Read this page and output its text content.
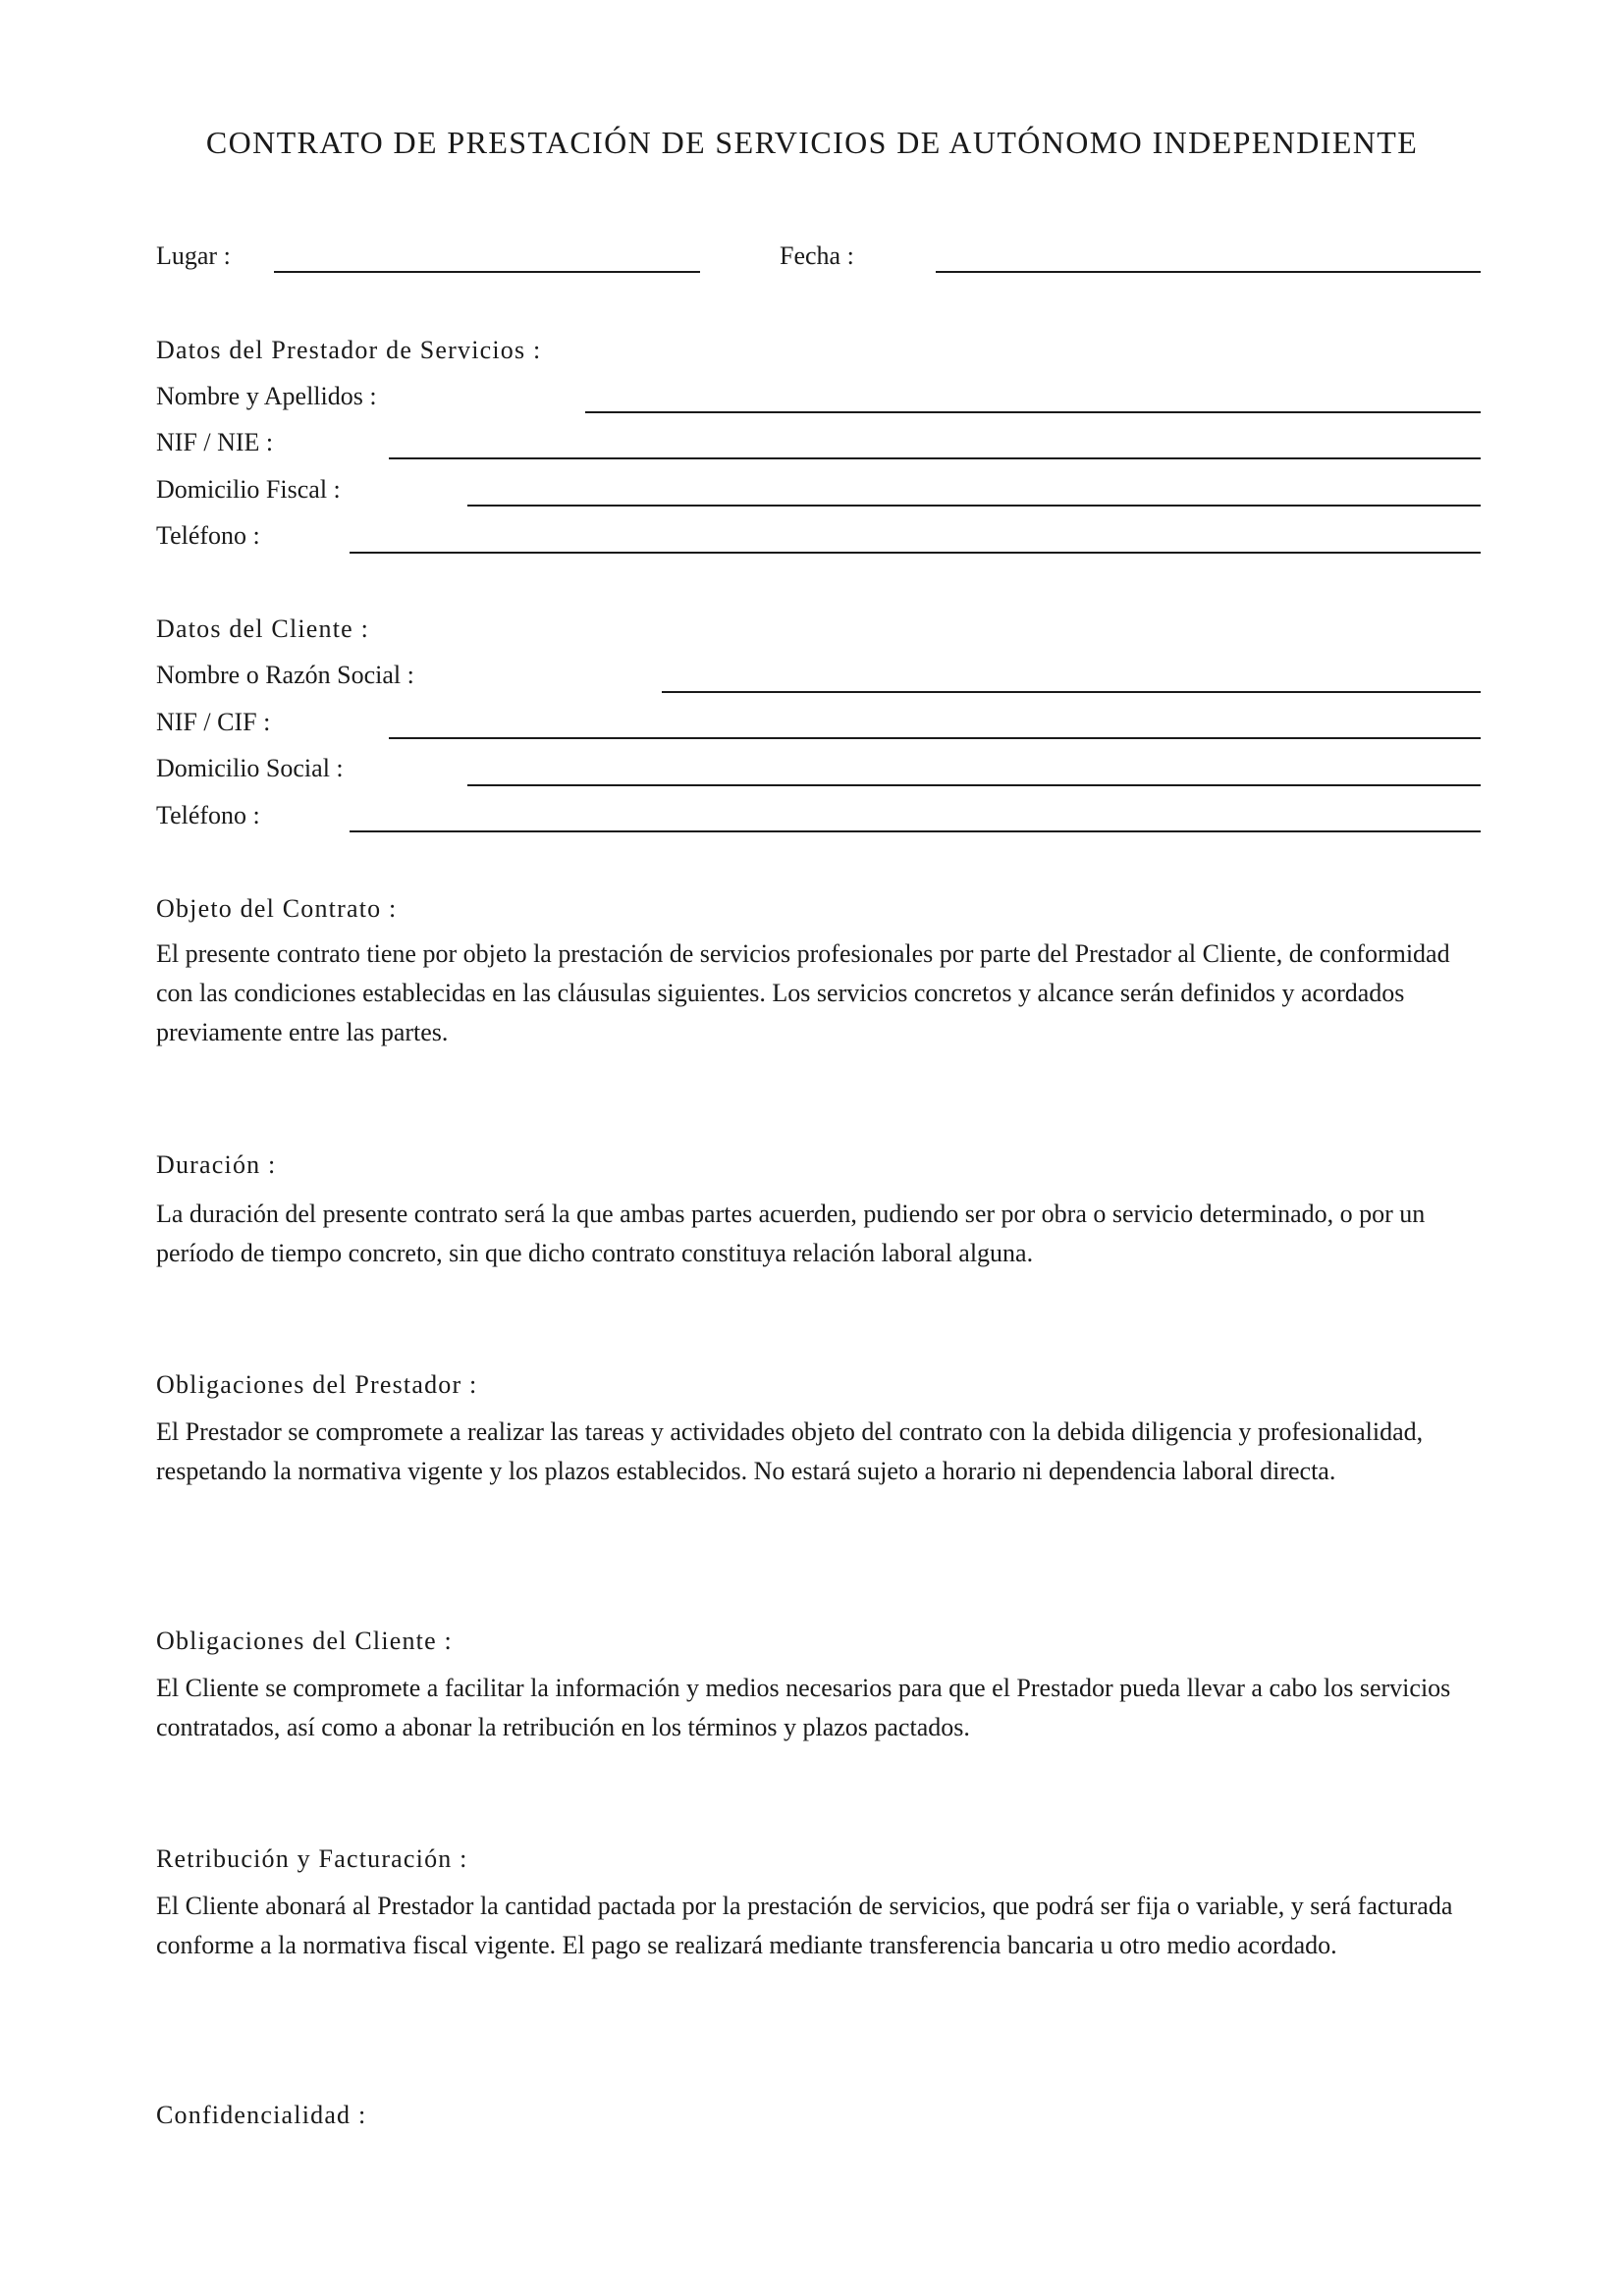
CONTRATO DE PRESTACIÓN DE SERVICIOS DE AUTÓNOMO INDEPENDIENTE
Lugar :	Fecha :
Datos del Prestador de Servicios :
Nombre y Apellidos :
NIF / NIE :
Domicilio Fiscal :
Teléfono :
Datos del Cliente :
Nombre o Razón Social :
NIF / CIF :
Domicilio Social :
Teléfono :
Objeto del Contrato :

El presente contrato tiene por objeto la prestación de servicios profesionales por parte del Prestador al Cliente, de conformidad con las condiciones establecidas en las cláusulas siguientes. Los servicios concretos y alcance serán definidos y acordados previamente entre las partes.

Duración :

La duración del presente contrato será la que ambas partes acuerden, pudiendo ser por obra o servicio determinado, o por un período de tiempo concreto, sin que dicho contrato constituya relación laboral alguna.

Obligaciones del Prestador :

El Prestador se compromete a realizar las tareas y actividades objeto del contrato con la debida diligencia y profesionalidad, respetando la normativa vigente y los plazos establecidos. No estará sujeto a horario ni dependencia laboral directa.

Obligaciones del Cliente :

El Cliente se compromete a facilitar la información y medios necesarios para que el Prestador pueda llevar a cabo los servicios contratados, así como a abonar la retribución en los términos y plazos pactados.

Retribución y Facturación :

El Cliente abonará al Prestador la cantidad pactada por la prestación de servicios, que podrá ser fija o variable, y será facturada conforme a la normativa fiscal vigente. El pago se realizará mediante transferencia bancaria u otro medio acordado.

Confidencialidad :
